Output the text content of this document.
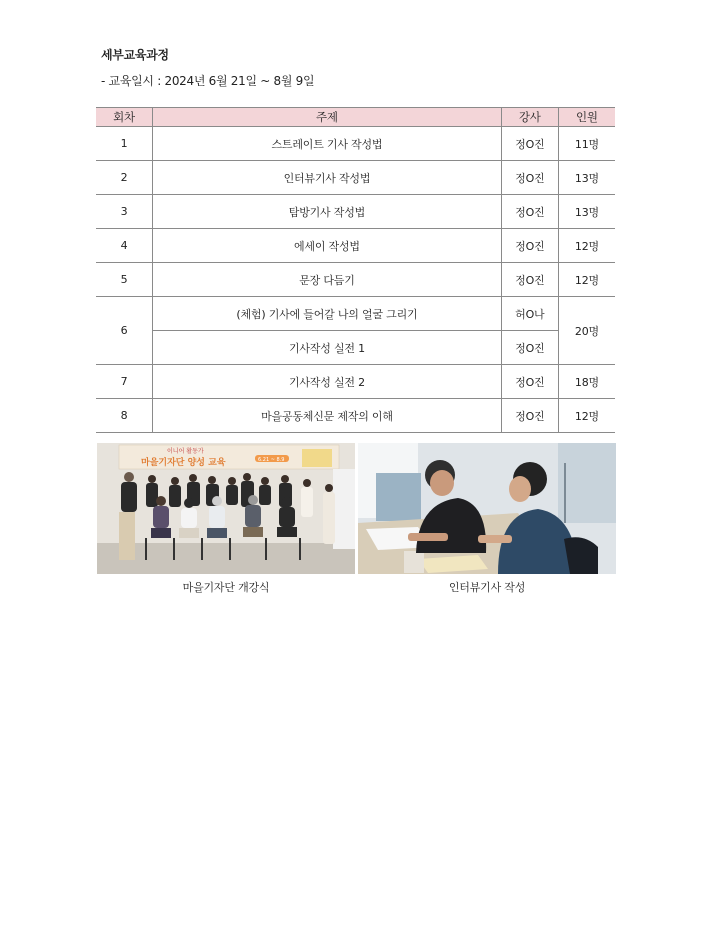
세부교육과정
- 교육일시 : 2024년 6월 21일 ~ 8월 9일
회차	주제	강사	인원
1	스트레이트 기사 작성법	정O진	11명
2	인터뷰기사 작성법	정O진	13명
3	탐방기사 작성법	정O진	13명
4	에세이 작성법	정O진	12명
5	문장 다듬기	정O진	12명
6	(체험) 기사에 들어갈 나의 얼굴 그리기	허O나	20명
	기사작성 실전 1	정O진	
7	기사작성 실전 2	정O진	18명
8	마을공동체신문 제작의 이해	정O진	12명
이니어 활동가
마을기자단 양성 교육	6.21 ~ 8.9
마을기자단 개강식	인터뷰기사 작성
